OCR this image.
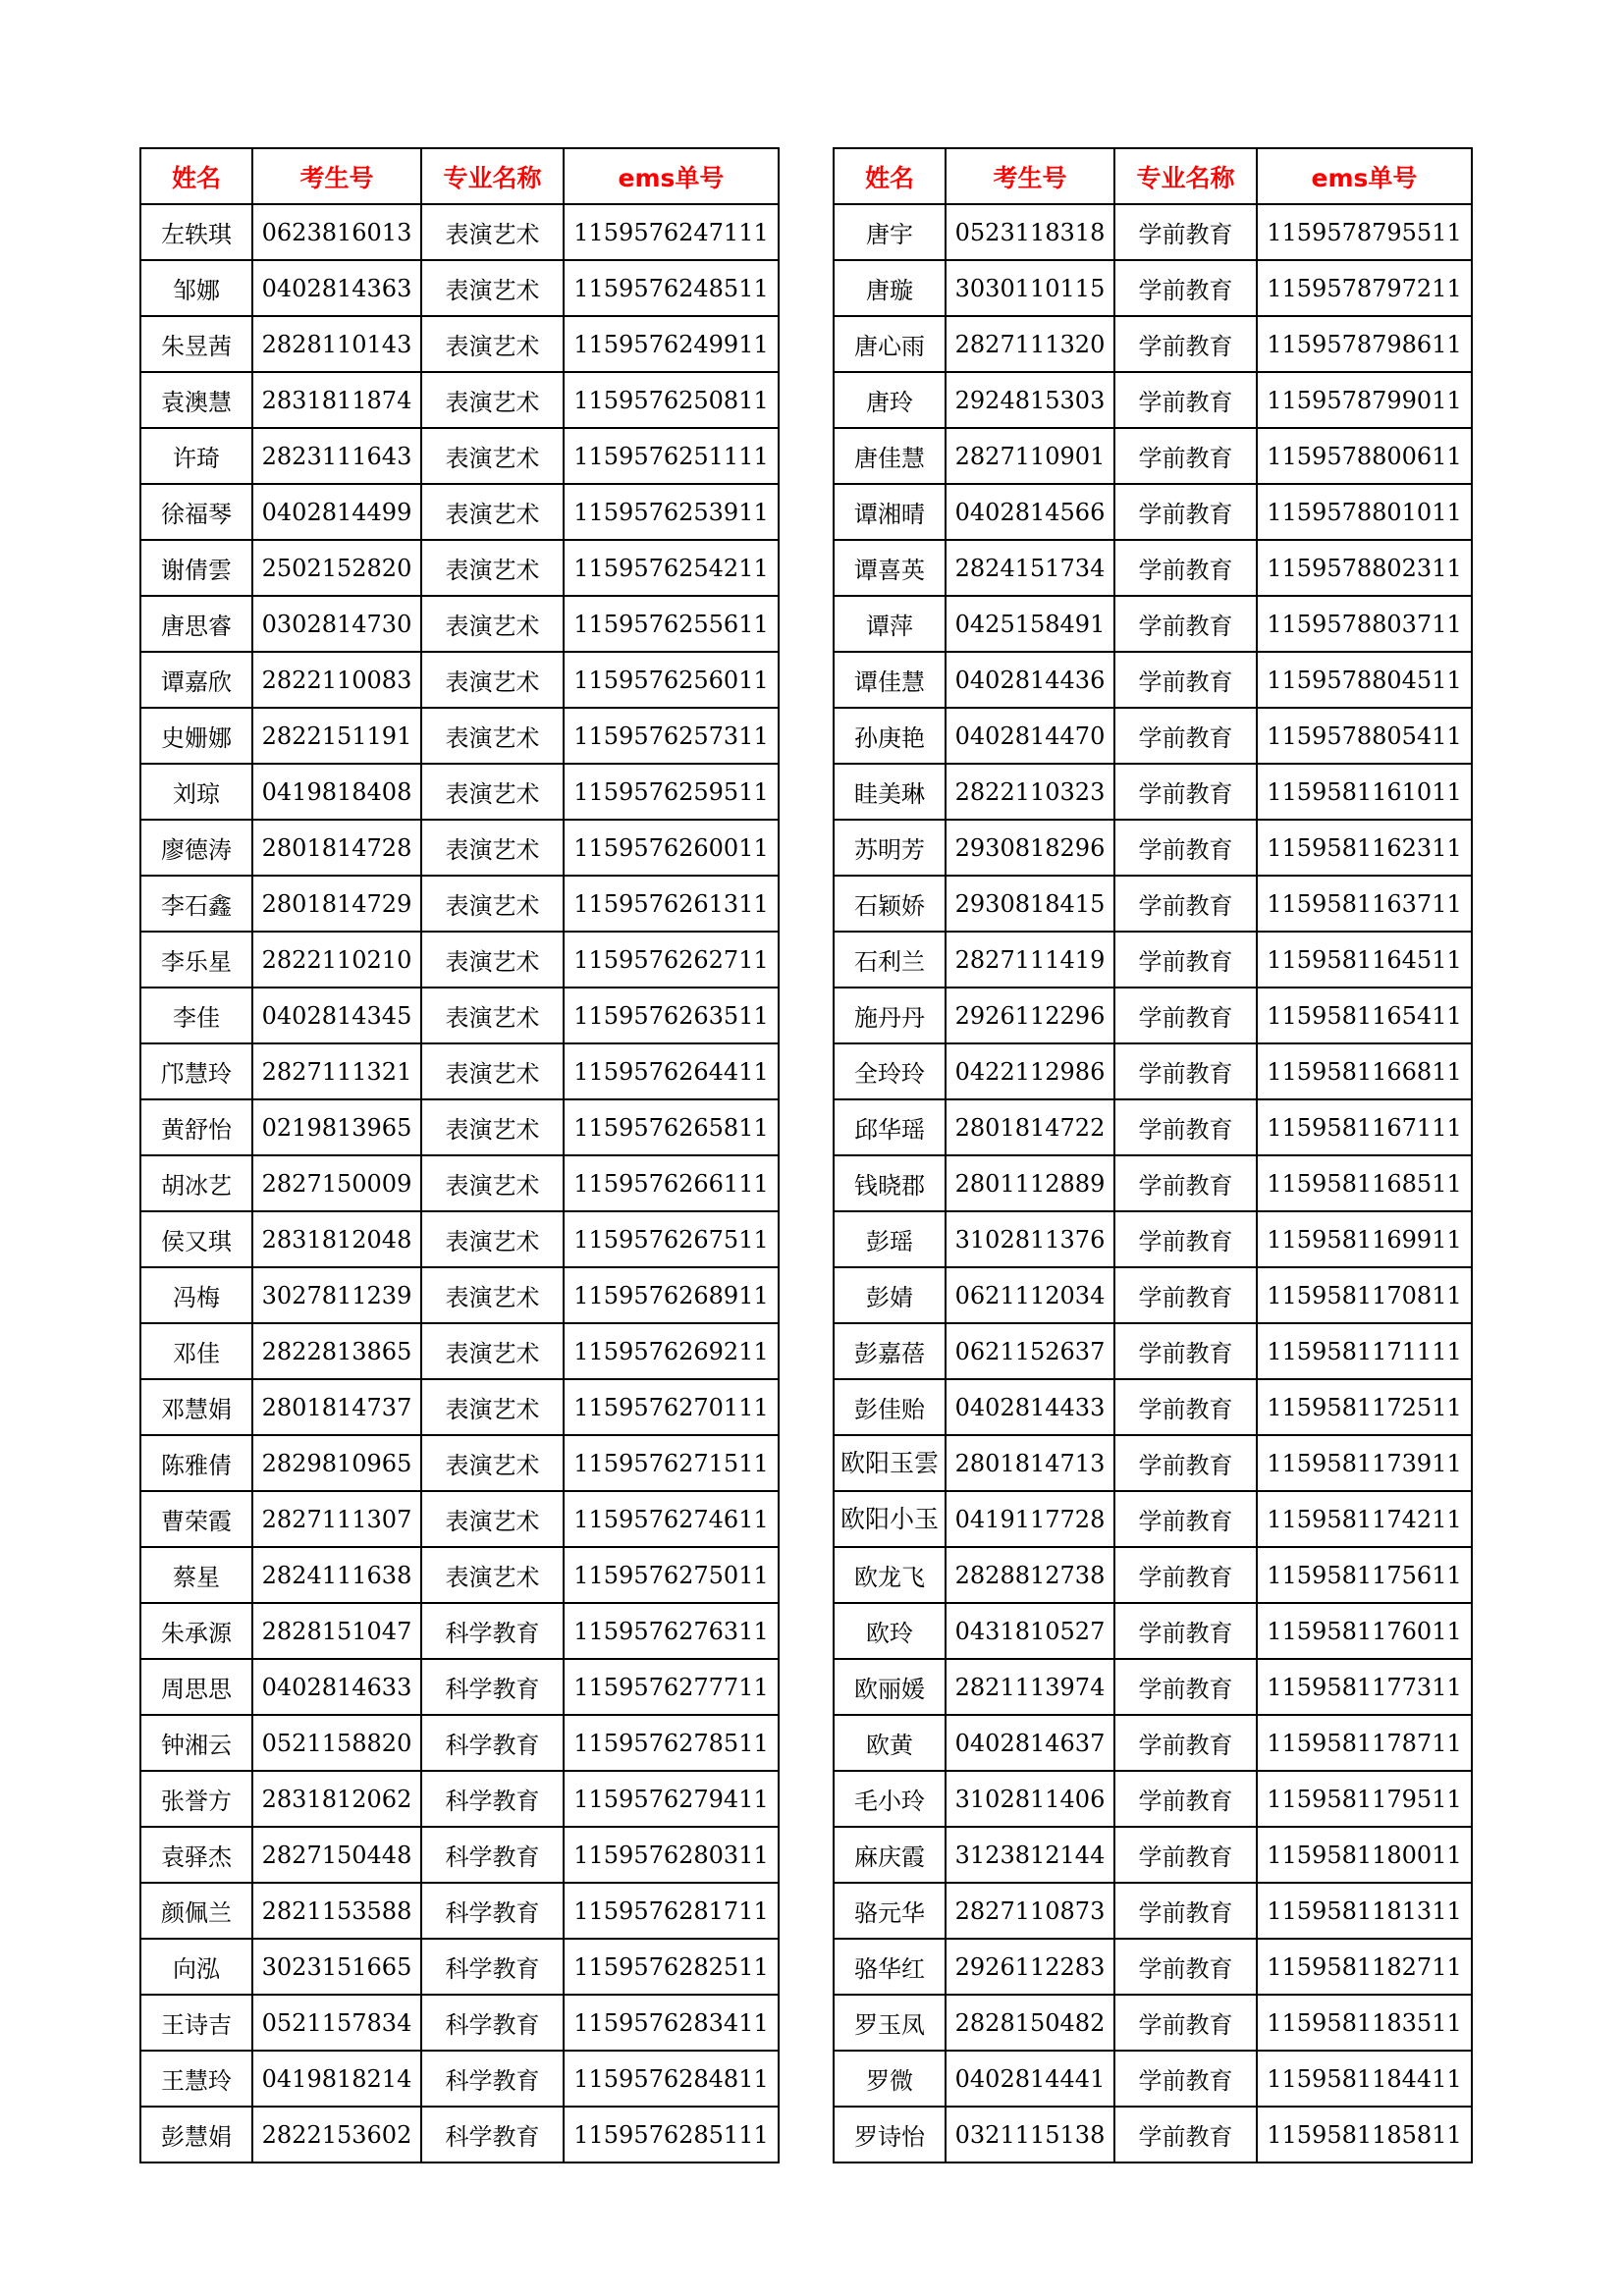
姓名	考生号	专业名称	ems单号
左轶琪	0623816013	表演艺术	1159576247111
邹娜	0402814363	表演艺术	1159576248511
朱昱茜	2828110143	表演艺术	1159576249911
袁澳慧	2831811874	表演艺术	1159576250811
许琦	2823111643	表演艺术	1159576251111
徐福琴	0402814499	表演艺术	1159576253911
谢倩雲	2502152820	表演艺术	1159576254211
唐思睿	0302814730	表演艺术	1159576255611
谭嘉欣	2822110083	表演艺术	1159576256011
史姗娜	2822151191	表演艺术	1159576257311
刘琼	0419818408	表演艺术	1159576259511
廖德涛	2801814728	表演艺术	1159576260011
李石鑫	2801814729	表演艺术	1159576261311
李乐星	2822110210	表演艺术	1159576262711
李佳	0402814345	表演艺术	1159576263511
邝慧玲	2827111321	表演艺术	1159576264411
黄舒怡	0219813965	表演艺术	1159576265811
胡冰艺	2827150009	表演艺术	1159576266111
侯又琪	2831812048	表演艺术	1159576267511
冯梅	3027811239	表演艺术	1159576268911
邓佳	2822813865	表演艺术	1159576269211
邓慧娟	2801814737	表演艺术	1159576270111
陈雅倩	2829810965	表演艺术	1159576271511
曹荣霞	2827111307	表演艺术	1159576274611
蔡星	2824111638	表演艺术	1159576275011
朱承源	2828151047	科学教育	1159576276311
周思思	0402814633	科学教育	1159576277711
钟湘云	0521158820	科学教育	1159576278511
张誉方	2831812062	科学教育	1159576279411
袁驿杰	2827150448	科学教育	1159576280311
颜佩兰	2821153588	科学教育	1159576281711
向泓	3023151665	科学教育	1159576282511
王诗吉	0521157834	科学教育	1159576283411
王慧玲	0419818214	科学教育	1159576284811
彭慧娟	2822153602	科学教育	1159576285111
姓名	考生号	专业名称	ems单号
唐宇	0523118318	学前教育	1159578795511
唐璇	3030110115	学前教育	1159578797211
唐心雨	2827111320	学前教育	1159578798611
唐玲	2924815303	学前教育	1159578799011
唐佳慧	2827110901	学前教育	1159578800611
谭湘晴	0402814566	学前教育	1159578801011
谭喜英	2824151734	学前教育	1159578802311
谭萍	0425158491	学前教育	1159578803711
谭佳慧	0402814436	学前教育	1159578804511
孙庚艳	0402814470	学前教育	1159578805411
眭美琳	2822110323	学前教育	1159581161011
苏明芳	2930818296	学前教育	1159581162311
石颖娇	2930818415	学前教育	1159581163711
石利兰	2827111419	学前教育	1159581164511
施丹丹	2926112296	学前教育	1159581165411
全玲玲	0422112986	学前教育	1159581166811
邱华瑶	2801814722	学前教育	1159581167111
钱晓郡	2801112889	学前教育	1159581168511
彭瑶	3102811376	学前教育	1159581169911
彭婧	0621112034	学前教育	1159581170811
彭嘉蓓	0621152637	学前教育	1159581171111
彭佳贻	0402814433	学前教育	1159581172511
欧阳玉雲	2801814713	学前教育	1159581173911
欧阳小玉	0419117728	学前教育	1159581174211
欧龙飞	2828812738	学前教育	1159581175611
欧玲	0431810527	学前教育	1159581176011
欧丽媛	2821113974	学前教育	1159581177311
欧黄	0402814637	学前教育	1159581178711
毛小玲	3102811406	学前教育	1159581179511
麻庆霞	3123812144	学前教育	1159581180011
骆元华	2827110873	学前教育	1159581181311
骆华红	2926112283	学前教育	1159581182711
罗玉凤	2828150482	学前教育	1159581183511
罗微	0402814441	学前教育	1159581184411
罗诗怡	0321115138	学前教育	1159581185811
